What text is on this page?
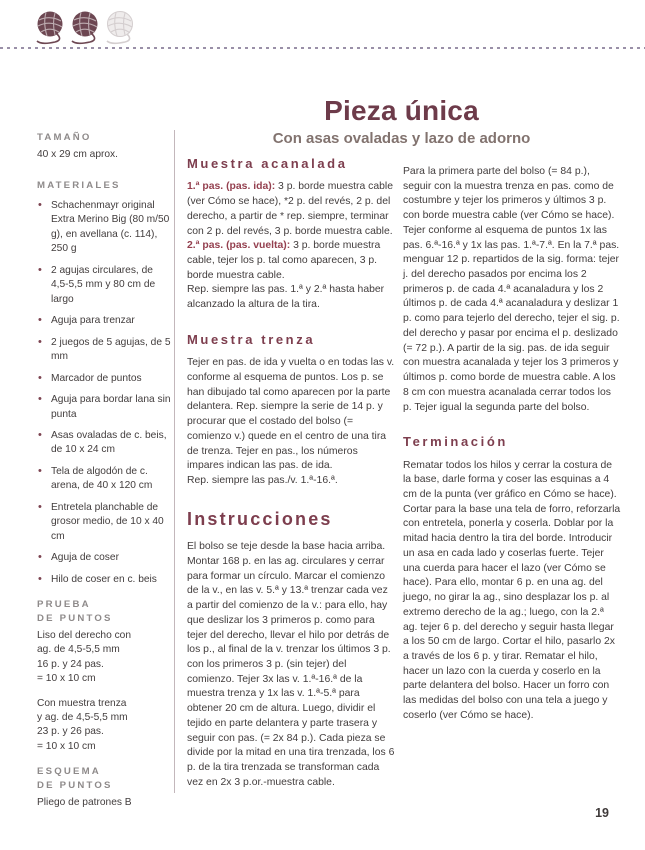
Pieza única
Con asas ovaladas y lazo de adorno
TAMAÑO

40 x 29 cm aprox.

MATERIALES
• Schachenmayr original Extra Merino Big (80 m/50 g), en avellana (c. 114), 250 g
• 2 agujas circulares, de 4,5-5,5 mm y 80 cm de largo
• Aguja para trenzar
• 2 juegos de 5 agujas, de 5 mm
• Marcador de puntos
• Aguja para bordar lana sin punta
• Asas ovaladas de c. beis, de 10 x 24 cm
• Tela de algodón de c. arena, de 40 x 120 cm
• Entretela planchable de grosor medio, de 10 x 40 cm
• Aguja de coser
• Hilo de coser en c. beis
PRUEBA
DE PUNTOS
Liso del derecho con
ag. de 4,5-5,5 mm
16 p. y 24 pas.
= 10 x 10 cm
Con muestra trenza
y ag. de 4,5-5,5 mm
23 p. y 26 pas.
= 10 x 10 cm
ESQUEMA
DE PUNTOS

Pliego de patrones B

Muestra acanalada

1.ª pas. (pas. ida): 3 p. borde muestra cable (ver Cómo se hace), *2 p. del revés, 2 p. del derecho, a partir de * rep. siempre, terminar con 2 p. del revés, 3 p. borde muestra cable.
2.ª pas. (pas. vuelta): 3 p. borde muestra cable, tejer los p. tal como aparecen, 3 p. borde muestra cable.
Rep. siempre las pas. 1.ª y 2.ª hasta haber alcanzado la altura de la tira.

Muestra trenza

Tejer en pas. de ida y vuelta o en todas las v. conforme al esquema de puntos. Los p. se han dibujado tal como aparecen por la parte delantera. Rep. siempre la serie de 14 p. y procurar que el costado del bolso (= comienzo v.) quede en el centro de una tira de trenza. Tejer en pas., los números impares indican las pas. de ida.
Rep. siempre las pas./v. 1.ª-16.ª.

Instrucciones

El bolso se teje desde la base hacia arriba. Montar 168 p. en las ag. circulares y cerrar para formar un círculo. Marcar el comienzo de la v., en las v. 5.ª y 13.ª trenzar cada vez a partir del comienzo de la v.: para ello, hay que deslizar los 3 primeros p. como para tejer del derecho, llevar el hilo por detrás de los p., al final de la v. trenzar los últimos 3 p. con los primeros 3 p. (sin tejer) del comienzo. Tejer 3x las v. 1.ª-16.ª de la muestra trenza y 1x las v. 1.ª-5.ª para obtener 20 cm de altura. Luego, dividir el tejido en parte delantera y parte trasera y seguir con pas. (= 2x 84 p.). Cada pieza se divide por la mitad en una tira trenzada, los 6 p. de la tira trenzada se transforman cada vez en 2x 3 p.or.-muestra cable.

Para la primera parte del bolso (= 84 p.), seguir con la muestra trenza en pas. como de costumbre y tejer los primeros y últimos 3 p. con borde muestra cable (ver Cómo se hace). Tejer conforme al esquema de puntos 1x las pas. 6.ª-16.ª y 1x las pas. 1.ª-7.ª. En la 7.ª pas. menguar 12 p. repartidos de la sig. forma: tejer j. del derecho pasados por encima los 2 primeros p. de cada 4.ª acanaladura y los 2 últimos p. de cada 4.ª acanaladura y deslizar 1 p. como para tejerlo del derecho, tejer el sig. p. del derecho y pasar por encima el p. deslizado (= 72 p.). A partir de la sig. pas. de ida seguir con muestra acanalada y tejer los 3 primeros y últimos p. como borde de muestra cable. A los 8 cm con muestra acanalada cerrar todos los p. Tejer igual la segunda parte del bolso.

Terminación

Rematar todos los hilos y cerrar la costura de la base, darle forma y coser las esquinas a 4 cm de la punta (ver gráfico en Cómo se hace). Cortar para la base una tela de forro, reforzarla con entretela, ponerla y coserla. Doblar por la mitad hacia dentro la tira del borde. Introducir un asa en cada lado y coserlas fuerte. Tejer una cuerda para hacer el lazo (ver Cómo se hace). Para ello, montar 6 p. en una ag. del juego, no girar la ag., sino desplazar los p. al extremo derecho de la ag.; luego, con la 2.ª ag. tejer 6 p. del derecho y seguir hasta llegar a los 50 cm de largo. Cortar el hilo, pasarlo 2x a través de los 6 p. y tirar. Rematar el hilo, hacer un lazo con la cuerda y coserlo en la parte delantera del bolso. Hacer un forro con las medidas del bolso con una tela a juego y coserlo (ver Cómo se hace).

19
